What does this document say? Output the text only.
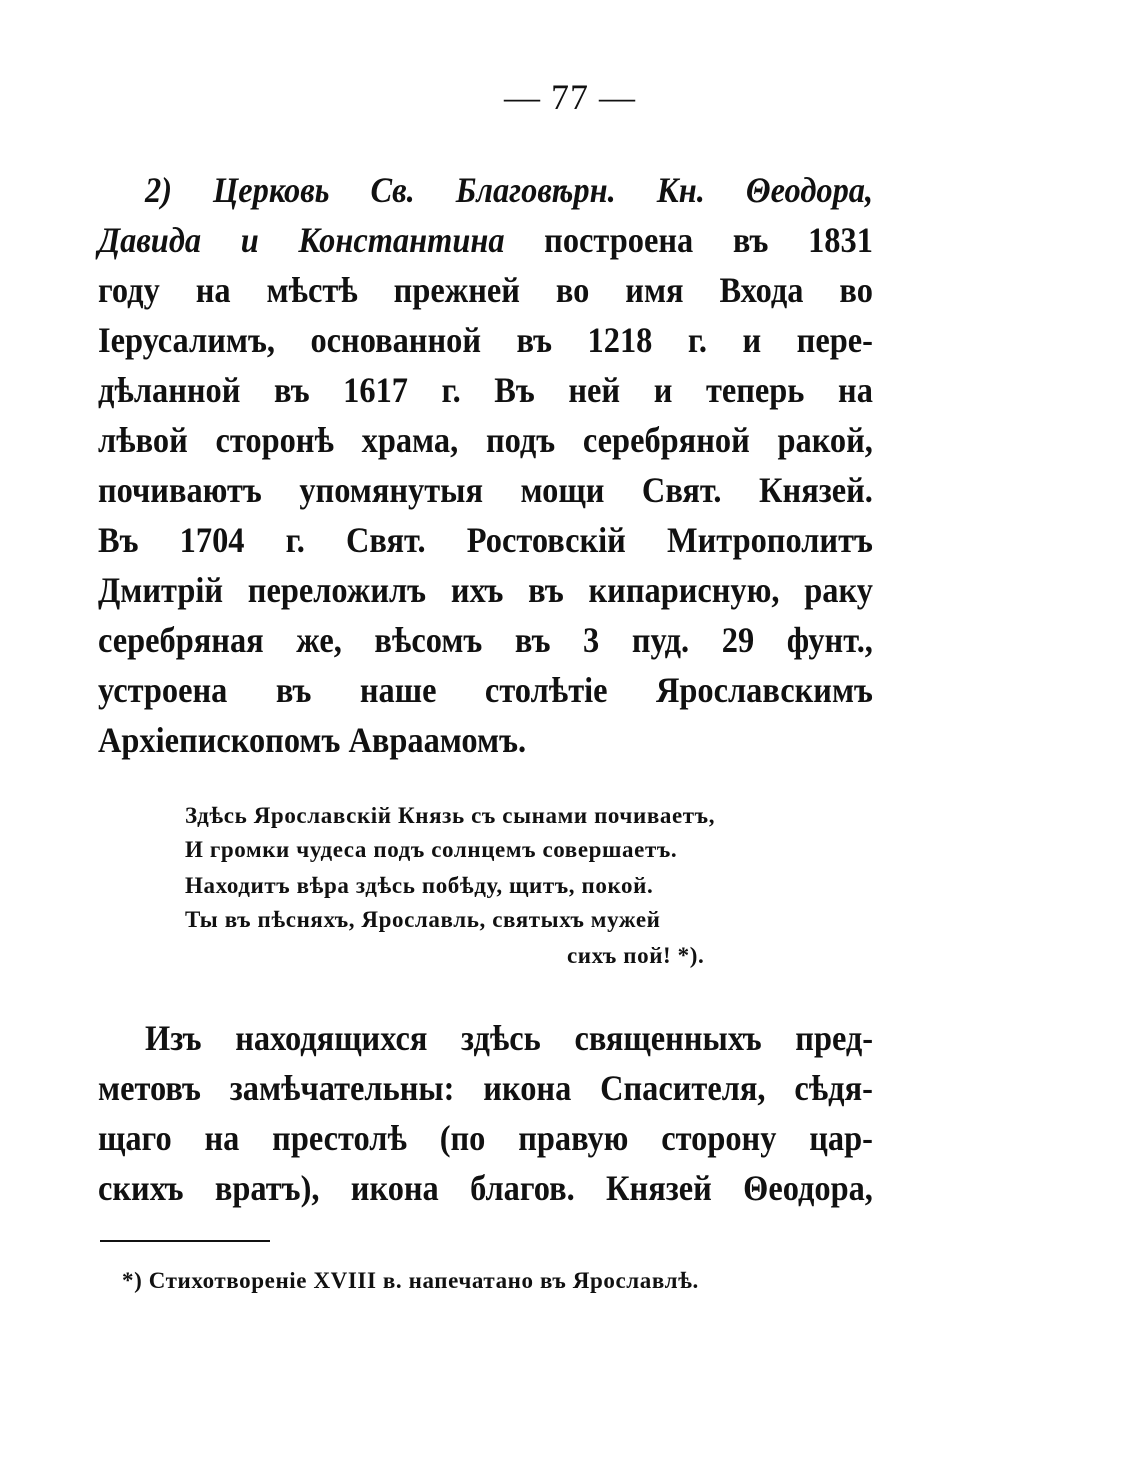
— 77 —
2) Церковь Св. Благовѣрн. Кн. Θеодора,
Давида и Константина построена въ 1831
году на мѣстѣ прежней во имя Входа во
Іерусалимъ, основанной въ 1218 г. и пере-
дѣланной въ 1617 г. Въ ней и теперь на
лѣвой сторонѣ храма, подъ серебряной ракой,
почиваютъ упомянутыя мощи Свят. Князей.
Въ 1704 г. Свят. Ростовскій Митрополитъ
Дмитрій переложилъ ихъ въ кипарисную, раку
серебряная же, вѣсомъ въ 3 пуд. 29 фунт.,
устроена въ наше столѣтіе Ярославскимъ
Архіепископомъ Авраамомъ.
Здѣсь Ярославскій Князь съ сынами почиваетъ,
И громки чудеса подъ солнцемъ совершаетъ.
Находитъ вѣра здѣсь побѣду, щитъ, покой.
Ты въ пѣсняхъ, Ярославль, святыхъ мужей
сихъ пой! *).
Изъ находящихся здѣсь священныхъ пред-
метовъ замѣчательны: икона Спасителя, сѣдя-
щаго на престолѣ (по правую сторону цар-
скихъ вратъ), икона благов. Князей Θеодора,
*) Стихотвореніе XVIII в. напечатано въ Ярославлѣ.
